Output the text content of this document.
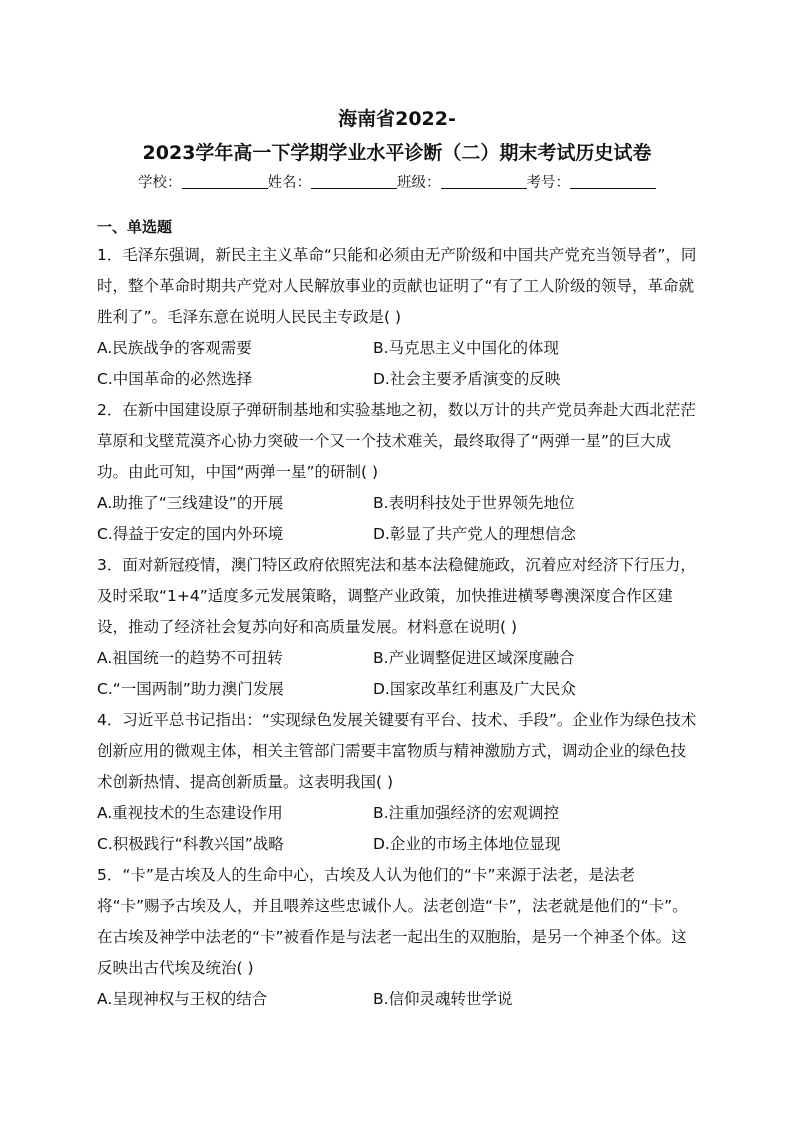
海南省2022-
2023学年高一下学期学业水平诊断（二）期末考试历史试卷
学校：	姓名：	班级：	考号：
一、单选题

1．毛泽东强调，新民主主义革命“只能和必须由无产阶级和中国共产党充当领导者”，同时，整个革命时期共产党对人民解放事业的贡献也证明了“有了工人阶级的领导，革命就胜利了”。毛泽东意在说明人民民主专政是( )

A.民族战争的客观需要	B.马克思主义中国化的体现
C.中国革命的必然选择	D.社会主要矛盾演变的反映

2．在新中国建设原子弹研制基地和实验基地之初，数以万计的共产党员奔赴大西北茫茫草原和戈壁荒漠齐心协力突破一个又一个技术难关，最终取得了“两弹一星”的巨大成功。由此可知，中国“两弹一星”的研制( )

A.助推了“三线建设”的开展	B.表明科技处于世界领先地位
C.得益于安定的国内外环境	D.彰显了共产党人的理想信念

3．面对新冠疫情，澳门特区政府依照宪法和基本法稳健施政，沉着应对经济下行压力，及时采取“1+4”适度多元发展策略，调整产业政策，加快推进横琴粤澳深度合作区建设，推动了经济社会复苏向好和高质量发展。材料意在说明( )

A.祖国统一的趋势不可扭转	B.产业调整促进区域深度融合
C.“一国两制”助力澳门发展	D.国家改革红利惠及广大民众

4．习近平总书记指出：“实现绿色发展关键要有平台、技术、手段”。企业作为绿色技术创新应用的微观主体，相关主管部门需要丰富物质与精神激励方式，调动企业的绿色技术创新热情、提高创新质量。这表明我国( )

A.重视技术的生态建设作用	B.注重加强经济的宏观调控
C.积极践行“科教兴国”战略	D.企业的市场主体地位显现

5．“卡”是古埃及人的生命中心，古埃及人认为他们的“卡”来源于法老，是法老将“卡”赐予古埃及人，并且喂养这些忠诚仆人。法老创造“卡”，法老就是他们的“卡”。在古埃及神学中法老的“卡”被看作是与法老一起出生的双胞胎，是另一个神圣个体。这反映出古代埃及统治( )

A.呈现神权与王权的结合	B.信仰灵魂转世学说
